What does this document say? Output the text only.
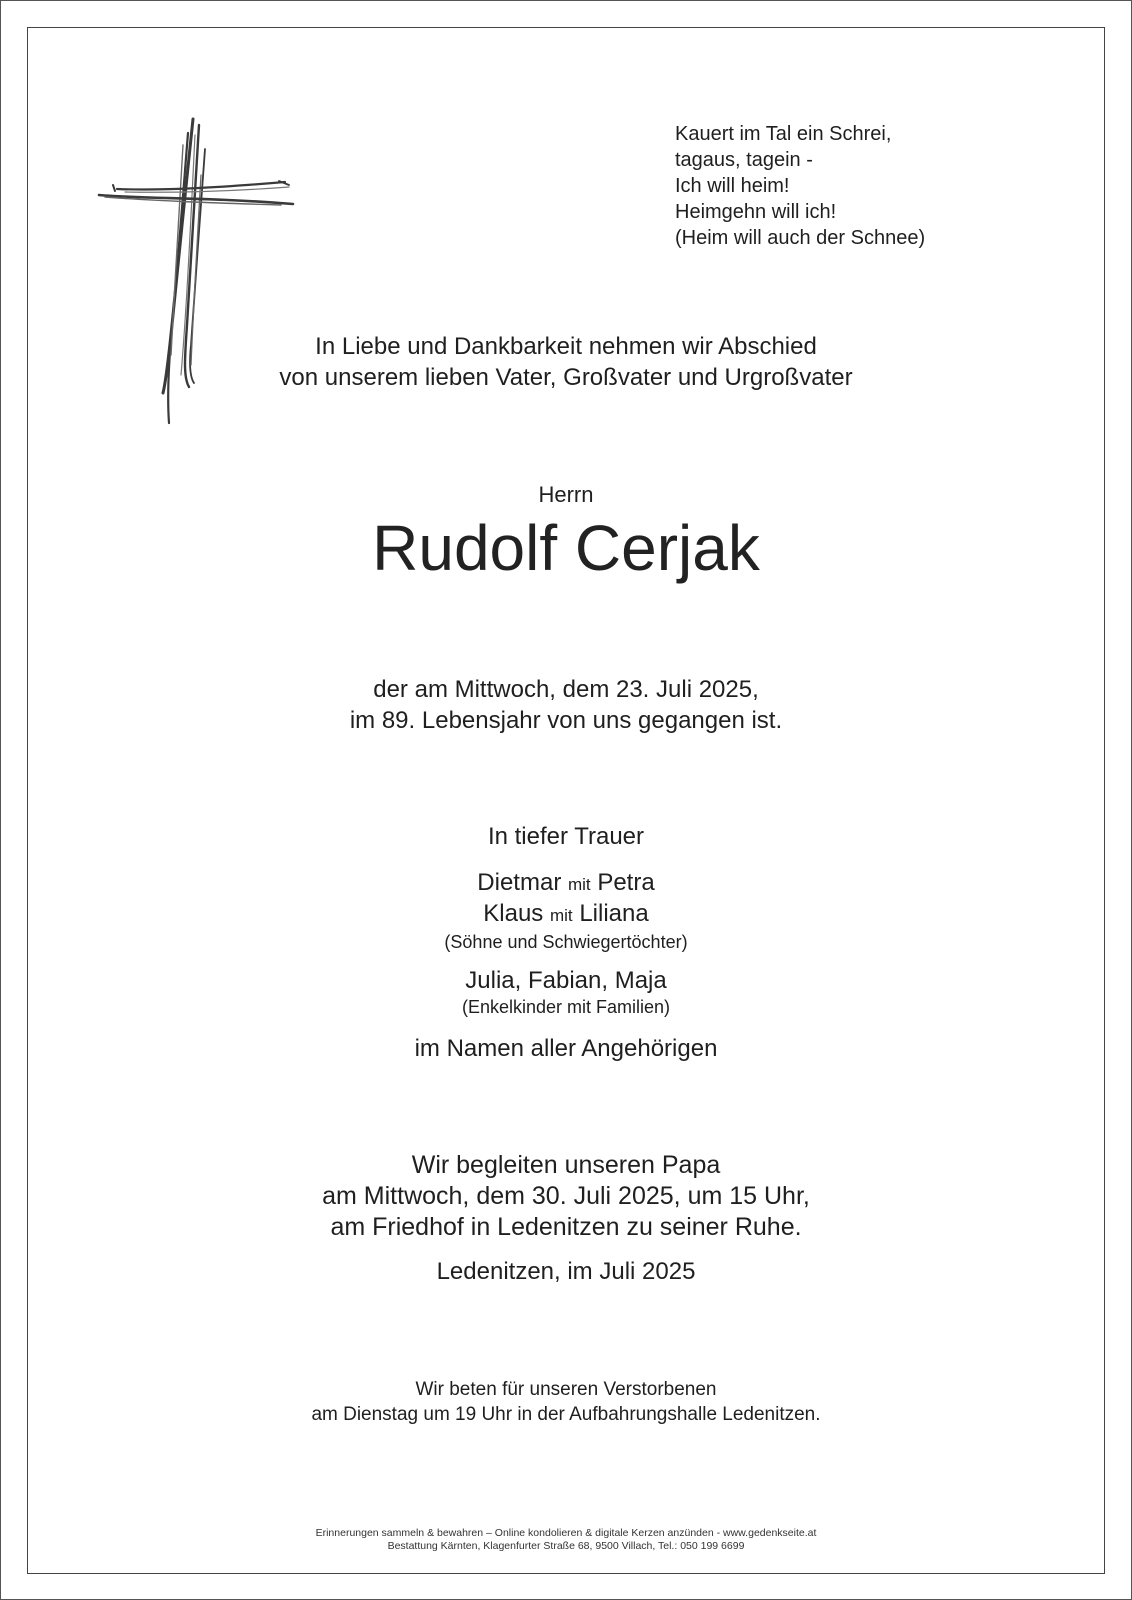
Kauert im Tal ein Schrei,
tagaus, tagein -
Ich will heim!
Heimgehn will ich!
(Heim will auch der Schnee)
In Liebe und Dankbarkeit nehmen wir Abschied
von unserem lieben Vater, Großvater und Urgroßvater
Herrn
Rudolf Cerjak
der am Mittwoch, dem 23. Juli 2025,
im 89. Lebensjahr von uns gegangen ist.
In tiefer Trauer
Dietmar mit Petra
Klaus mit Liliana
(Söhne und Schwiegertöchter)
Julia, Fabian, Maja
(Enkelkinder mit Familien)
im Namen aller Angehörigen
Wir begleiten unseren Papa
am Mittwoch, dem 30. Juli 2025, um 15 Uhr,
am Friedhof in Ledenitzen zu seiner Ruhe.
Ledenitzen, im Juli 2025
Wir beten für unseren Verstorbenen
am Dienstag um 19 Uhr in der Aufbahrungshalle Ledenitzen.
Erinnerungen sammeln & bewahren – Online kondolieren & digitale Kerzen anzünden - www.gedenkseite.at
Bestattung Kärnten, Klagenfurter Straße 68, 9500 Villach, Tel.: 050 199 6699
